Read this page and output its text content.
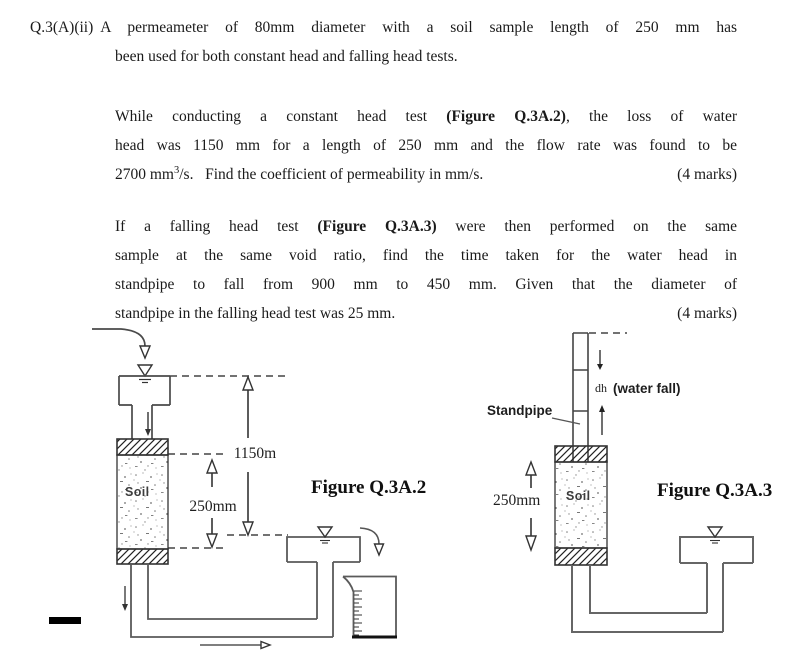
Q.3(A)(ii) A permeameter of 80mm diameter with a soil sample length of 250 mm has
been used for both constant head and falling head tests.
While conducting a constant head test (Figure Q.3A.2), the loss of water
head was 1150 mm for a length of 250 mm and the flow rate was found to be
2700 $mm^3/s$.   Find the coefficient of permeability in mm/s.	(4 marks)
If a falling head test (Figure Q.3A.3) were then performed on the same
sample at the same void ratio, find the time taken for the water head in
standpipe to fall from 900 mm to 450 mm. Given that the diameter of
standpipe in the falling head test was 25 mm.	(4 marks)
Soil
1150m
250mm
Figure Q.3A.2
dh (water fall)
Standpipe
Soil
250mm	Figure Q.3A.3
